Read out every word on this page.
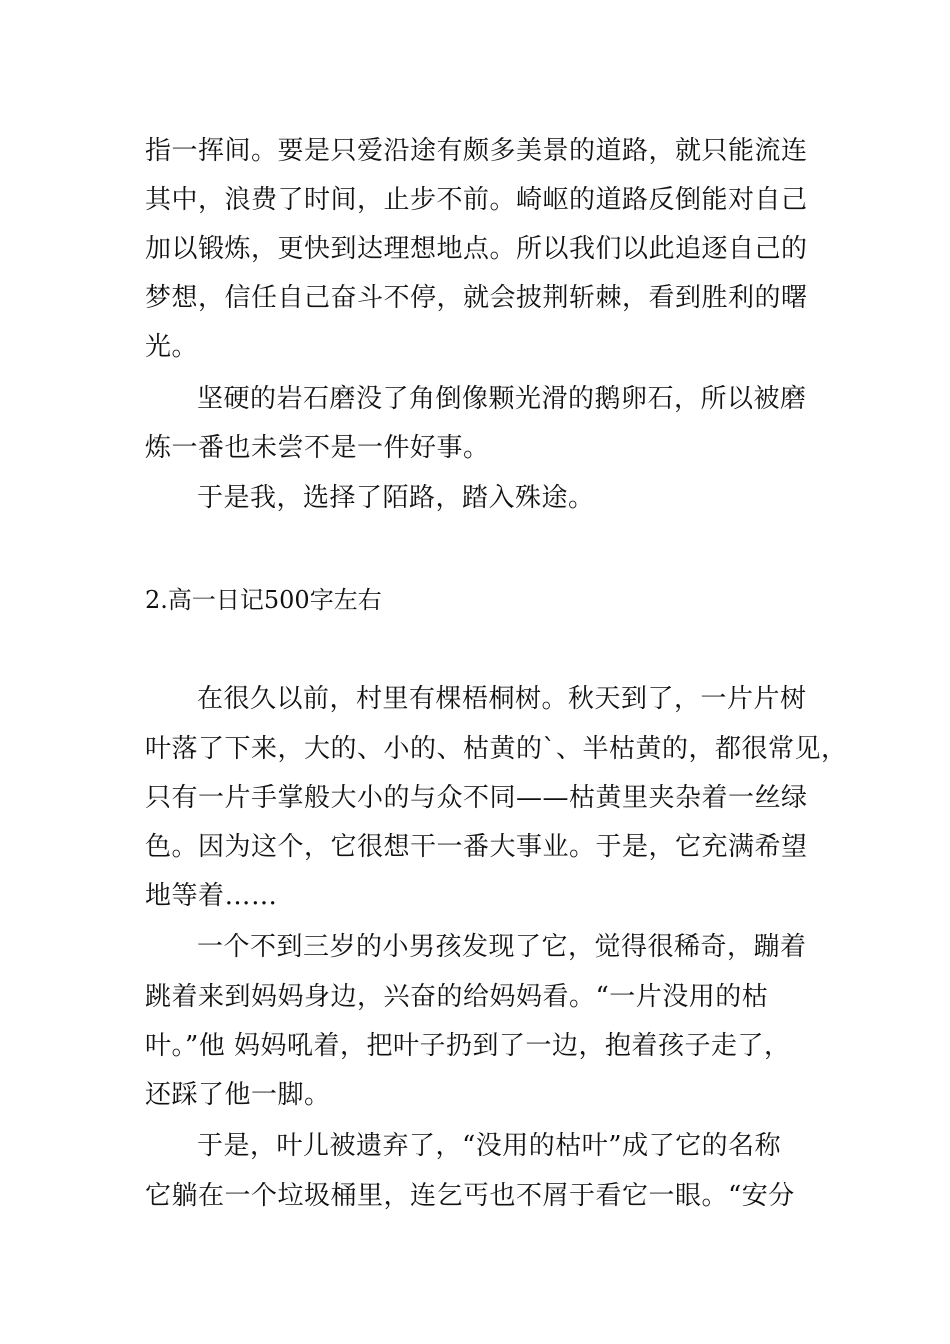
指一挥间。要是只爱沿途有颇多美景的道路，就只能流连
其中，浪费了时间，止步不前。崎岖的道路反倒能对自己
加以锻炼，更快到达理想地点。所以我们以此追逐自己的
梦想，信任自己奋斗不停，就会披荆斩棘，看到胜利的曙
光。
坚硬的岩石磨没了角倒像颗光滑的鹅卵石，所以被磨
炼一番也未尝不是一件好事。
于是我，选择了陌路，踏入殊途。
2.高一日记500字左右
在很久以前，村里有棵梧桐树。秋天到了，一片片树
叶落了下来，大的、小的、枯黄的`、半枯黄的，都很常见，
只有一片手掌般大小的与众不同——枯黄里夹杂着一丝绿
色。因为这个，它很想干一番大事业。于是，它充满希望
地等着……
一个不到三岁的小男孩发现了它，觉得很稀奇，蹦着
跳着来到妈妈身边，兴奋的给妈妈看。“一片没用的枯
叶。”他 妈妈吼着，把叶子扔到了一边，抱着孩子走了，
还踩了他一脚。
于是，叶儿被遗弃了，“没用的枯叶”成了它的名称
它躺在一个垃圾桶里，连乞丐也不屑于看它一眼。“安分
